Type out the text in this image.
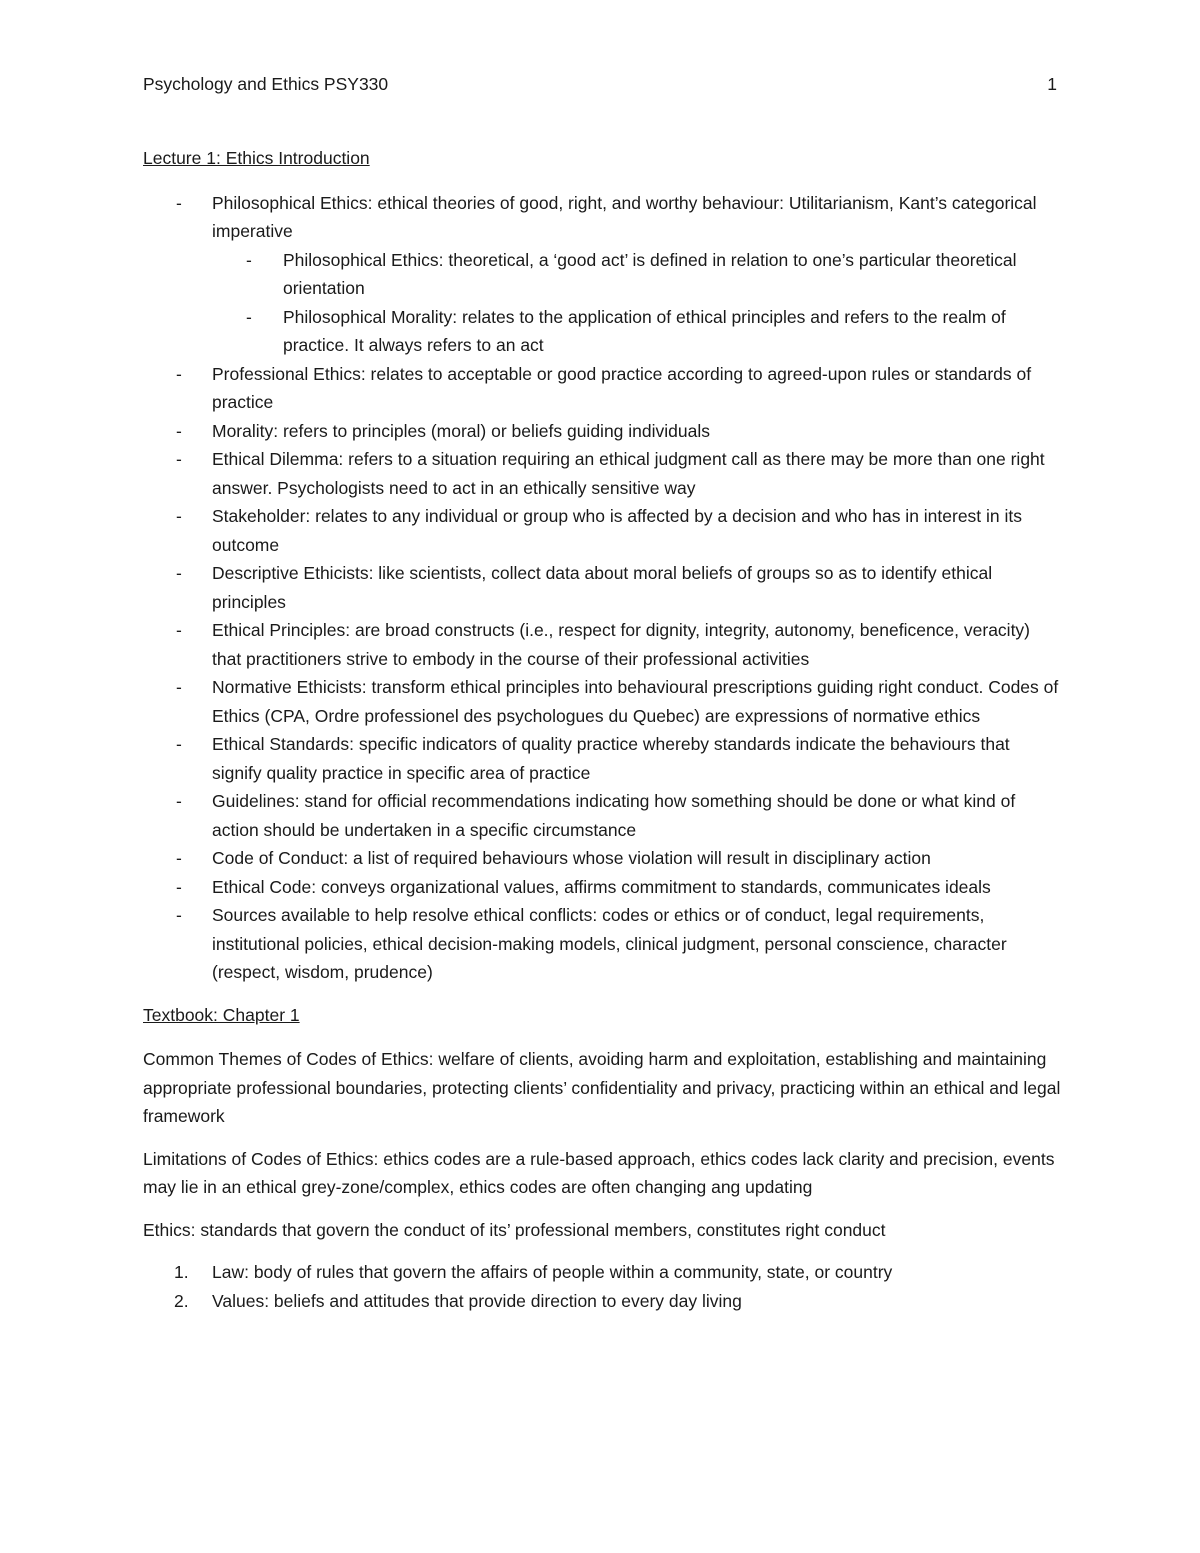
Psychology and Ethics PSY330	1
Lecture 1: Ethics Introduction
- Philosophical Ethics: ethical theories of good, right, and worthy behaviour: Utilitarianism, Kant’s categorical imperative
- Philosophical Ethics: theoretical, a ‘good act’ is defined in relation to one’s particular theoretical orientation
- Philosophical Morality: relates to the application of ethical principles and refers to the realm of practice. It always refers to an act
- Professional Ethics: relates to acceptable or good practice according to agreed-upon rules or standards of practice
- Morality: refers to principles (moral) or beliefs guiding individuals
- Ethical Dilemma: refers to a situation requiring an ethical judgment call as there may be more than one right answer. Psychologists need to act in an ethically sensitive way
- Stakeholder: relates to any individual or group who is affected by a decision and who has in interest in its outcome
- Descriptive Ethicists: like scientists, collect data about moral beliefs of groups so as to identify ethical principles
- Ethical Principles: are broad constructs (i.e., respect for dignity, integrity, autonomy, beneficence, veracity) that practitioners strive to embody in the course of their professional activities
- Normative Ethicists: transform ethical principles into behavioural prescriptions guiding right conduct. Codes of Ethics (CPA, Ordre professionel des psychologues du Quebec) are expressions of normative ethics
- Ethical Standards: specific indicators of quality practice whereby standards indicate the behaviours that signify quality practice in specific area of practice
- Guidelines: stand for official recommendations indicating how something should be done or what kind of action should be undertaken in a specific circumstance
- Code of Conduct: a list of required behaviours whose violation will result in disciplinary action
- Ethical Code: conveys organizational values, affirms commitment to standards, communicates ideals
- Sources available to help resolve ethical conflicts: codes or ethics or of conduct, legal requirements, institutional policies, ethical decision-making models, clinical judgment, personal conscience, character (respect, wisdom, prudence)
Textbook: Chapter 1

Common Themes of Codes of Ethics: welfare of clients, avoiding harm and exploitation, establishing and maintaining appropriate professional boundaries, protecting clients’ confidentiality and privacy, practicing within an ethical and legal framework

Limitations of Codes of Ethics: ethics codes are a rule-based approach, ethics codes lack clarity and precision, events may lie in an ethical grey-zone/complex, ethics codes are often changing ang updating

Ethics: standards that govern the conduct of its’ professional members, constitutes right conduct

1. Law: body of rules that govern the affairs of people within a community, state, or country
2. Values: beliefs and attitudes that provide direction to every day living
